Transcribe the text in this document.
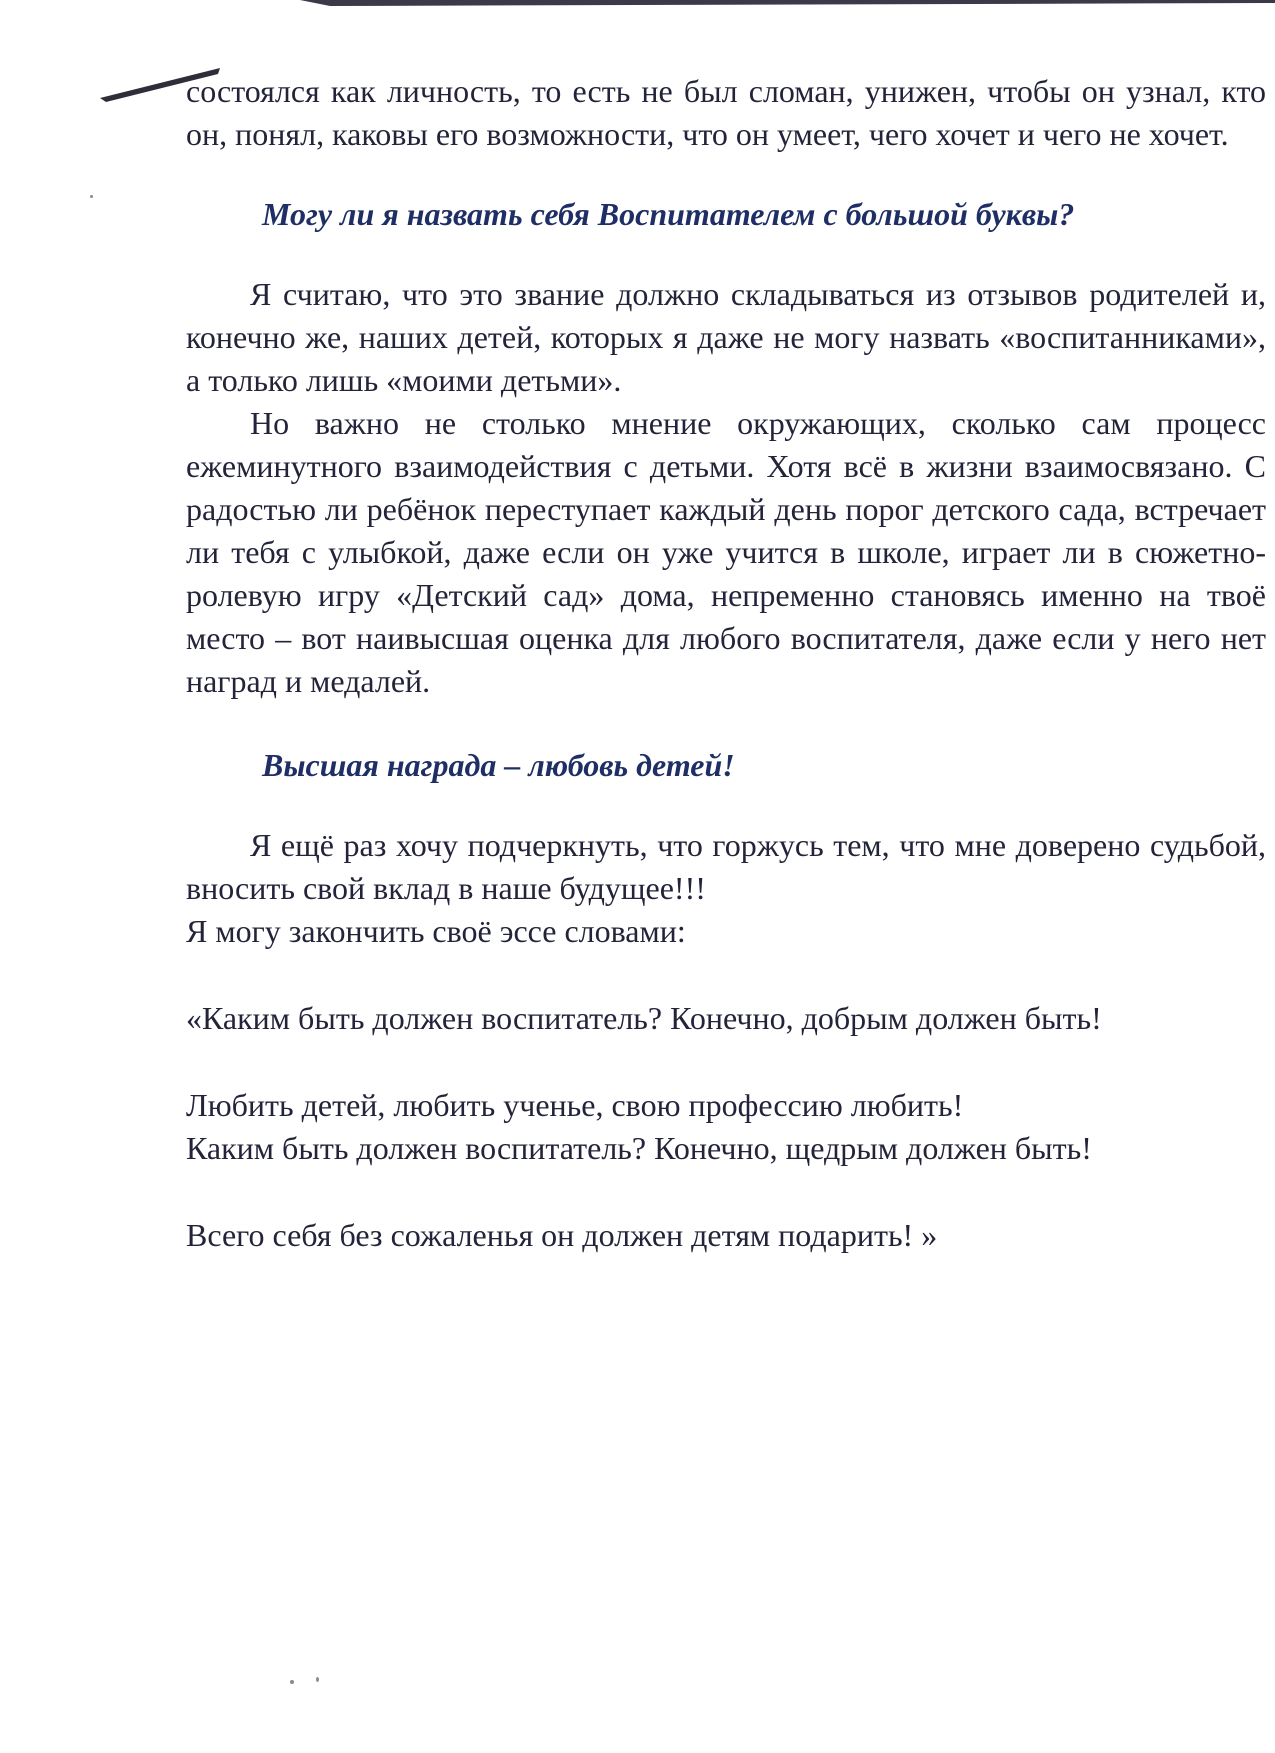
состоялся как личность, то есть не был сломан, унижен, чтобы он узнал, кто он, понял, каковы его возможности, что он умеет, чего хочет и чего не хочет.

Могу ли я назвать себя Воспитателем с большой буквы?

Я считаю, что это звание должно складываться из отзывов родителей и, конечно же, наших детей, которых я даже не могу назвать «воспитанниками», а только лишь «моими детьми».

Но важно не столько мнение окружающих, сколько сам процесс ежеминутного взаимодействия с детьми. Хотя всё в жизни взаимосвязано. С радостью ли ребёнок переступает каждый день порог детского сада, встречает ли тебя с улыбкой, даже если он уже учится в школе, играет ли в сюжетно-ролевую игру «Детский сад» дома, непременно становясь именно на твоё место – вот наивысшая оценка для любого воспитателя, даже если у него нет наград и медалей.

Высшая награда – любовь детей!

Я ещё раз хочу подчеркнуть, что горжусь тем, что мне доверено судьбой, вносить свой вклад в наше будущее!!!

Я могу закончить своё эссе словами:

«Каким быть должен воспитатель? Конечно, добрым должен быть!

Любить детей, любить ученье, свою профессию любить!

Каким быть должен воспитатель? Конечно, щедрым должен быть!

Всего себя без сожаленья он должен детям подарить! »
